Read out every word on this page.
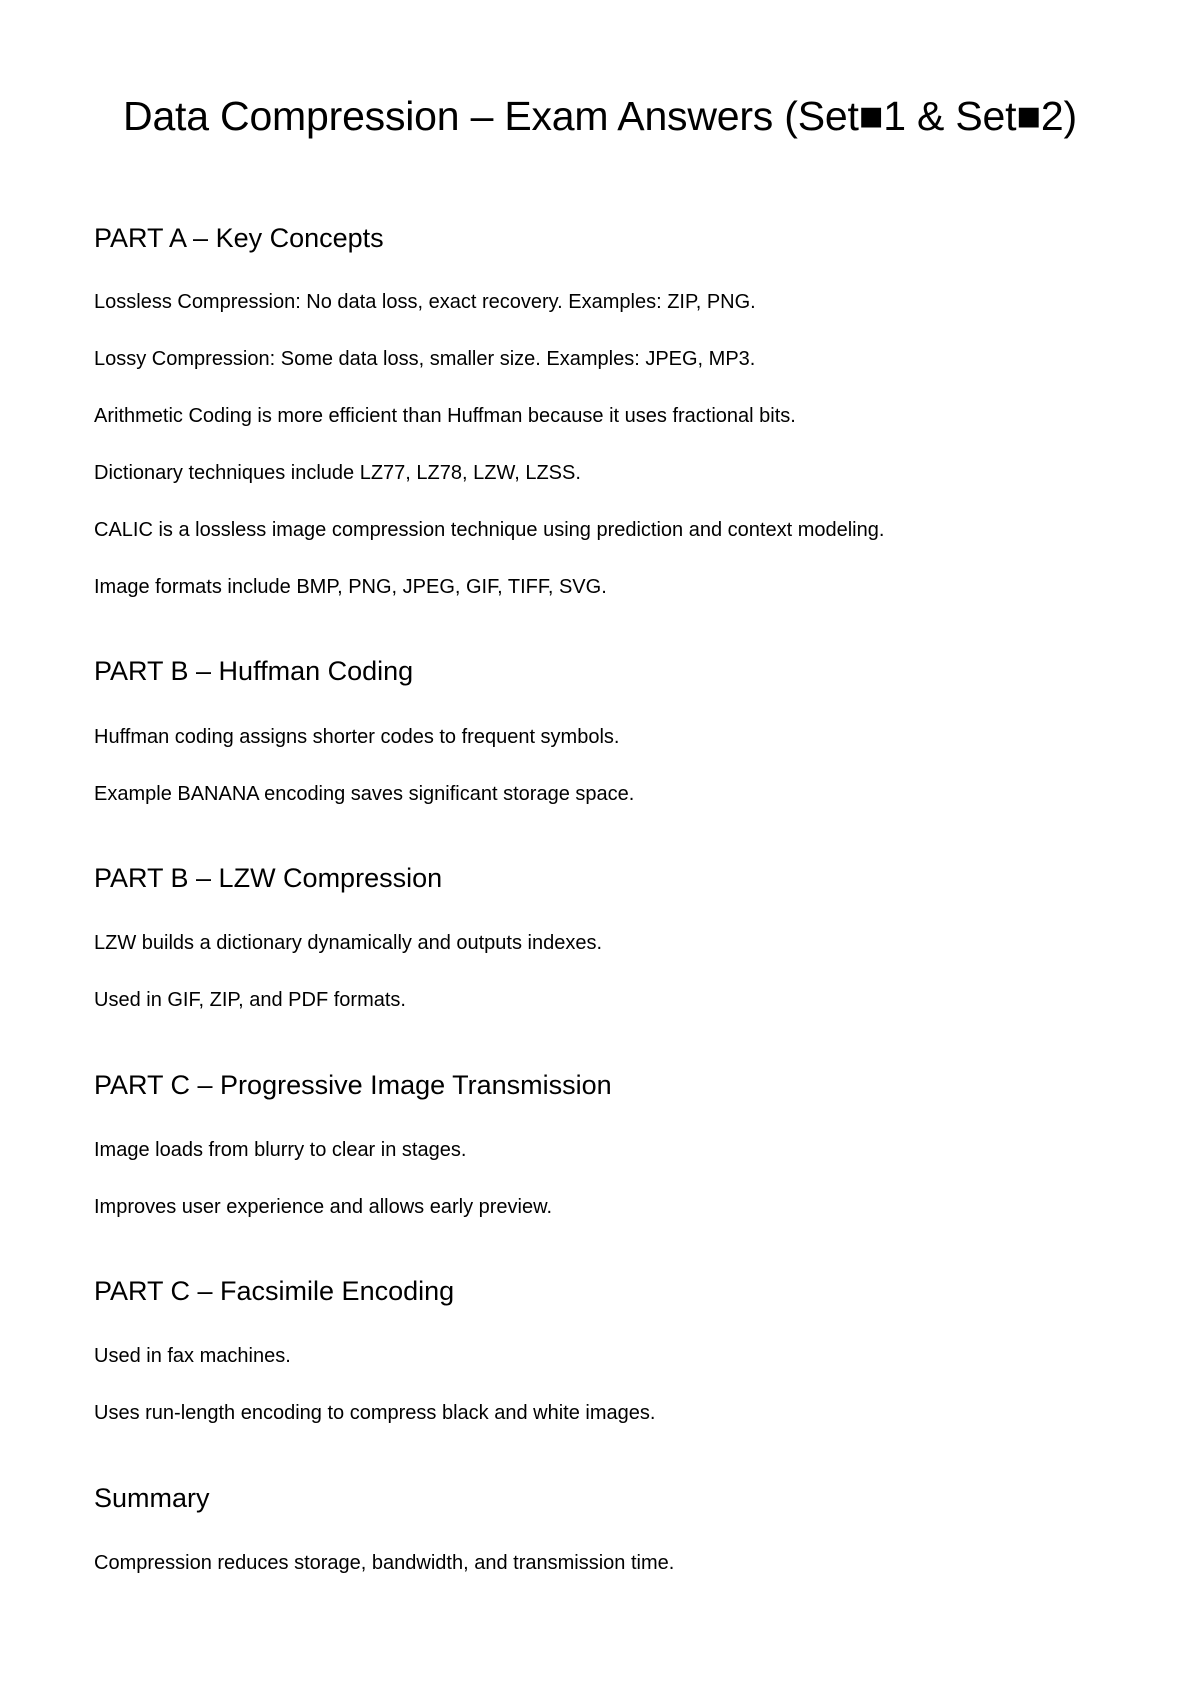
Data Compression – Exam Answers (Set■1 & Set■2)
PART A – Key Concepts

Lossless Compression: No data loss, exact recovery. Examples: ZIP, PNG.

Lossy Compression: Some data loss, smaller size. Examples: JPEG, MP3.

Arithmetic Coding is more efficient than Huffman because it uses fractional bits.

Dictionary techniques include LZ77, LZ78, LZW, LZSS.

CALIC is a lossless image compression technique using prediction and context modeling.

Image formats include BMP, PNG, JPEG, GIF, TIFF, SVG.

PART B – Huffman Coding

Huffman coding assigns shorter codes to frequent symbols.

Example BANANA encoding saves significant storage space.

PART B – LZW Compression

LZW builds a dictionary dynamically and outputs indexes.

Used in GIF, ZIP, and PDF formats.

PART C – Progressive Image Transmission

Image loads from blurry to clear in stages.

Improves user experience and allows early preview.

PART C – Facsimile Encoding

Used in fax machines.

Uses run-length encoding to compress black and white images.

Summary

Compression reduces storage, bandwidth, and transmission time.
